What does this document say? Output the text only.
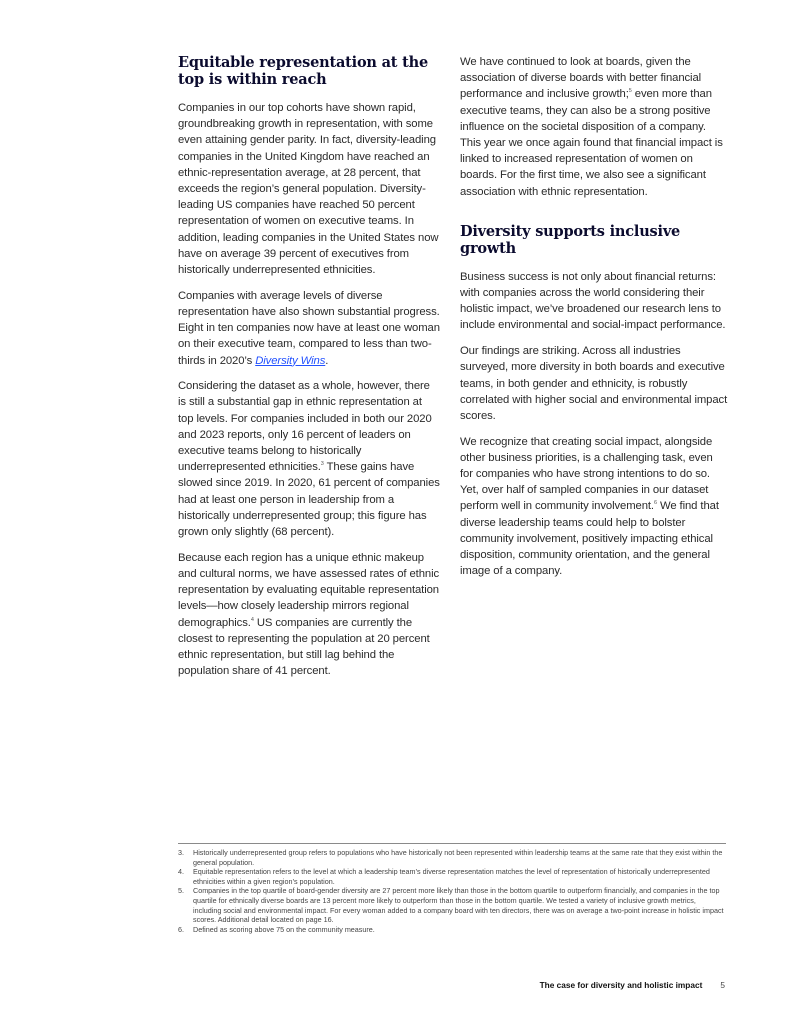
Equitable representation at the top is within reach

Companies in our top cohorts have shown rapid, groundbreaking growth in representation, with some even attaining gender parity. In fact, diversity-leading companies in the United Kingdom have reached an ethnic-representation average, at 28 percent, that exceeds the region’s general population. Diversity-leading US companies have reached 50 percent representation of women on executive teams. In addition, leading companies in the United States now have on average 39 percent of executives from historically underrepresented ethnicities.

Companies with average levels of diverse representation have also shown substantial progress. Eight in ten companies now have at least one woman on their executive team, compared to less than two-thirds in 2020’s Diversity Wins.

Considering the dataset as a whole, however, there is still a substantial gap in ethnic representation at top levels. For companies included in both our 2020 and 2023 reports, only 16 percent of leaders on executive teams belong to historically underrepresented ethnicities.$^3$ These gains have slowed since 2019. In 2020, 61 percent of companies had at least one person in leadership from a historically underrepresented group; this figure has grown only slightly (68 percent).

Because each region has a unique ethnic makeup and cultural norms, we have assessed rates of ethnic representation by evaluating equitable representation levels—how closely leadership mirrors regional demographics.$^4$ US companies are currently the closest to representing the population at 20 percent ethnic representation, but still lag behind the population share of 41 percent.

We have continued to look at boards, given the association of diverse boards with better financial performance and inclusive growth;$^5$ even more than executive teams, they can also be a strong positive influence on the societal disposition of a company. This year we once again found that financial impact is linked to increased representation of women on boards. For the first time, we also see a significant association with ethnic representation.

Diversity supports inclusive growth

Business success is not only about financial returns: with companies across the world considering their holistic impact, we’ve broadened our research lens to include environmental and social-impact performance.

Our findings are striking. Across all industries surveyed, more diversity in both boards and executive teams, in both gender and ethnicity, is robustly correlated with higher social and environmental impact scores.

We recognize that creating social impact, alongside other business priorities, is a challenging task, even for companies who have strong intentions to do so. Yet, over half of sampled companies in our dataset perform well in community involvement.$^6$ We find that diverse leadership teams could help to bolster community involvement, positively impacting ethical disposition, community orientation, and the general image of a company.

3.	Historically underrepresented group refers to populations who have historically not been represented within leadership teams at the same rate that they exist within the general population.
4.	Equitable representation refers to the level at which a leadership team’s diverse representation matches the level of representation of historically underrepresented ethnicities within a given region’s population.
5.	Companies in the top quartile of board-gender diversity are 27 percent more likely than those in the bottom quartile to outperform financially, and companies in the top quartile for ethnically diverse boards are 13 percent more likely to outperform than those in the bottom quartile. We tested a variety of inclusive growth metrics, including social and environmental impact. For every woman added to a company board with ten directors, there was on average a two-point increase in holistic impact scores. Additional detail located on page 16.
6.	Defined as scoring above 75 on the community measure.
The case for diversity and holistic impact 5
